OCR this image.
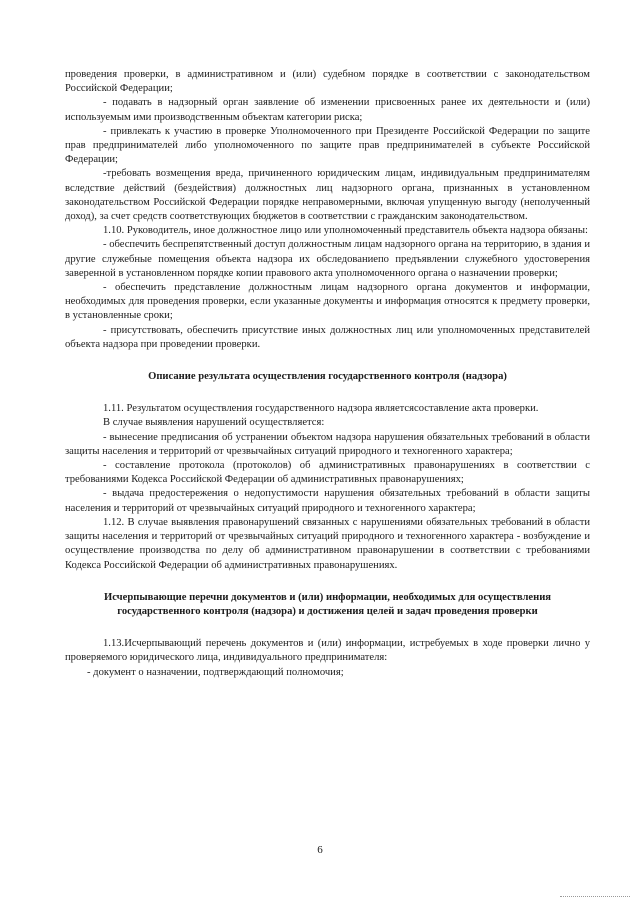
проведения проверки, в административном и (или) судебном порядке в соответствии с законодательством Российской Федерации;

- подавать в надзорный орган заявление об изменении присвоенных ранее их деятельности и (или) используемым ими производственным объектам категории риска;

- привлекать к участию в проверке Уполномоченного при Президенте Российской Федерации по защите прав предпринимателей либо уполномоченного по защите прав предпринимателей в субъекте Российской Федерации;

-требовать возмещения вреда, причиненного юридическим лицам, индивидуальным предпринимателям вследствие действий (бездействия) должностных лиц надзорного органа, признанных в установленном законодательством Российской Федерации порядке неправомерными, включая упущенную выгоду (неполученный доход), за счет средств соответствующих бюджетов в соответствии с гражданским законодательством.

1.10. Руководитель, иное должностное лицо или уполномоченный представитель объекта надзора обязаны:

- обеспечить беспрепятственный доступ должностным лицам надзорного органа на территорию, в здания и другие служебные помещения объекта надзора их обследованиепо предъявлении служебного удостоверения заверенной в установленном порядке копии правового акта уполномоченного органа о назначении проверки;

- обеспечить представление должностным лицам надзорного органа документов и информации, необходимых для проведения проверки, если указанные документы и информация относятся к предмету проверки, в установленные сроки;

- присутствовать, обеспечить присутствие иных должностных лиц или уполномоченных представителей объекта надзора при проведении проверки.

Описание результата осуществления государственного контроля (надзора)

1.11. Результатом осуществления государственного надзора являетсясоставление акта проверки.

В случае выявления нарушений осуществляется:

- вынесение предписания об устранении объектом надзора нарушения обязательных требований в области защиты населения и территорий от чрезвычайных ситуаций природного и техногенного характера;

- составление протокола (протоколов) об административных правонарушениях в соответствии с требованиями Кодекса Российской Федерации об административных правонарушениях;

- выдача предостережения о недопустимости нарушения обязательных требований в области защиты населения и территорий от чрезвычайных ситуаций природного и техногенного характера;

1.12. В случае выявления правонарушений связанных с нарушениями обязательных требований в области защиты населения и территорий от чрезвычайных ситуаций природного и техногенного характера - возбуждение и осуществление производства по делу об административном правонарушении в соответствии с требованиями Кодекса Российской Федерации об административных правонарушениях.

Исчерпывающие перечни документов и (или) информации, необходимых для осуществления государственного контроля (надзора) и достижения целей и задач проведения проверки

1.13.Исчерпывающий перечень документов и (или) информации, истребуемых в ходе проверки лично у проверяемого юридического лица, индивидуального предпринимателя:

- документ о назначении, подтверждающий полномочия;

6
